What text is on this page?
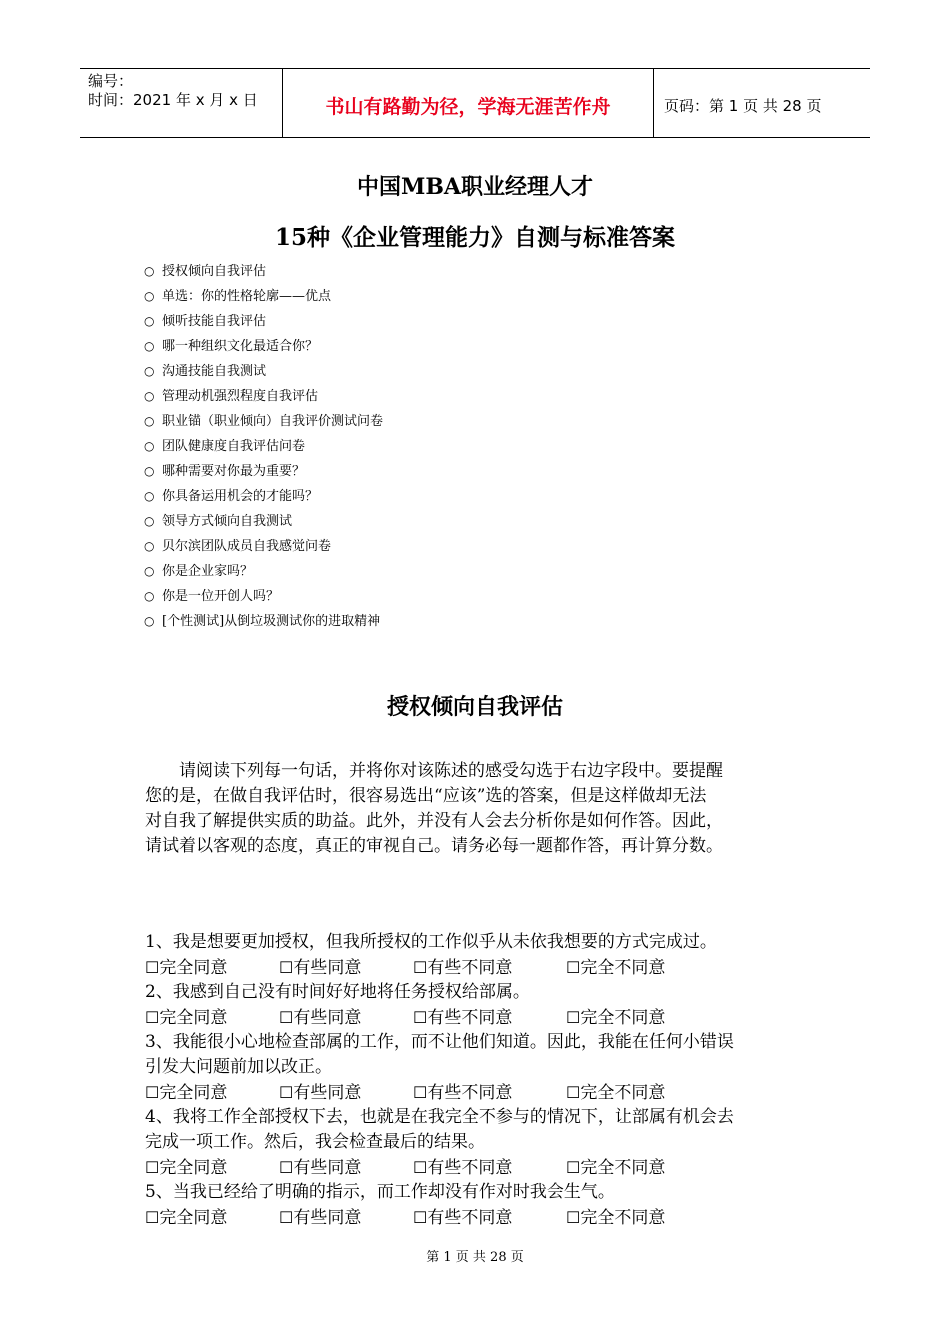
编号：
时间：2021 年 x 月 x 日	书山有路勤为径，学海无涯苦作舟	页码：第 1 页 共 28 页
中国MBA职业经理人才
15种《企业管理能力》自测与标准答案
○ 授权倾向自我评估
○ 单选：你的性格轮廓——优点
○ 倾听技能自我评估
○ 哪一种组织文化最适合你？
○ 沟通技能自我测试
○ 管理动机强烈程度自我评估
○ 职业锚（职业倾向）自我评价测试问卷
○ 团队健康度自我评估问卷
○ 哪种需要对你最为重要？
○ 你具备运用机会的才能吗？
○ 领导方式倾向自我测试
○ 贝尔滨团队成员自我感觉问卷
○ 你是企业家吗？
○ 你是一位开创人吗？
○ [个性测试]从倒垃圾测试你的进取精神
授权倾向自我评估
　　请阅读下列每一句话，并将你对该陈述的感受勾选于右边字段中。要提醒
您的是，在做自我评估时，很容易选出“应该”选的答案，但是这样做却无法
对自我了解提供实质的助益。此外，并没有人会去分析你是如何作答。因此，
请试着以客观的态度，真正的审视自己。请务必每一题都作答，再计算分数。
1、我是想要更加授权，但我所授权的工作似乎从未依我想要的方式完成过。
☐完全同意	☐有些同意	☐有些不同意	☐完全不同意
2、我感到自己没有时间好好地将任务授权给部属。
☐完全同意	☐有些同意	☐有些不同意	☐完全不同意
3、我能很小心地检查部属的工作，而不让他们知道。因此，我能在任何小错误
引发大问题前加以改正。
☐完全同意	☐有些同意	☐有些不同意	☐完全不同意
4、我将工作全部授权下去，也就是在我完全不参与的情况下，让部属有机会去
完成一项工作。然后，我会检查最后的结果。
☐完全同意	☐有些同意	☐有些不同意	☐完全不同意
5、当我已经给了明确的指示，而工作却没有作对时我会生气。
☐完全同意	☐有些同意	☐有些不同意	☐完全不同意
第 1 页 共 28 页
